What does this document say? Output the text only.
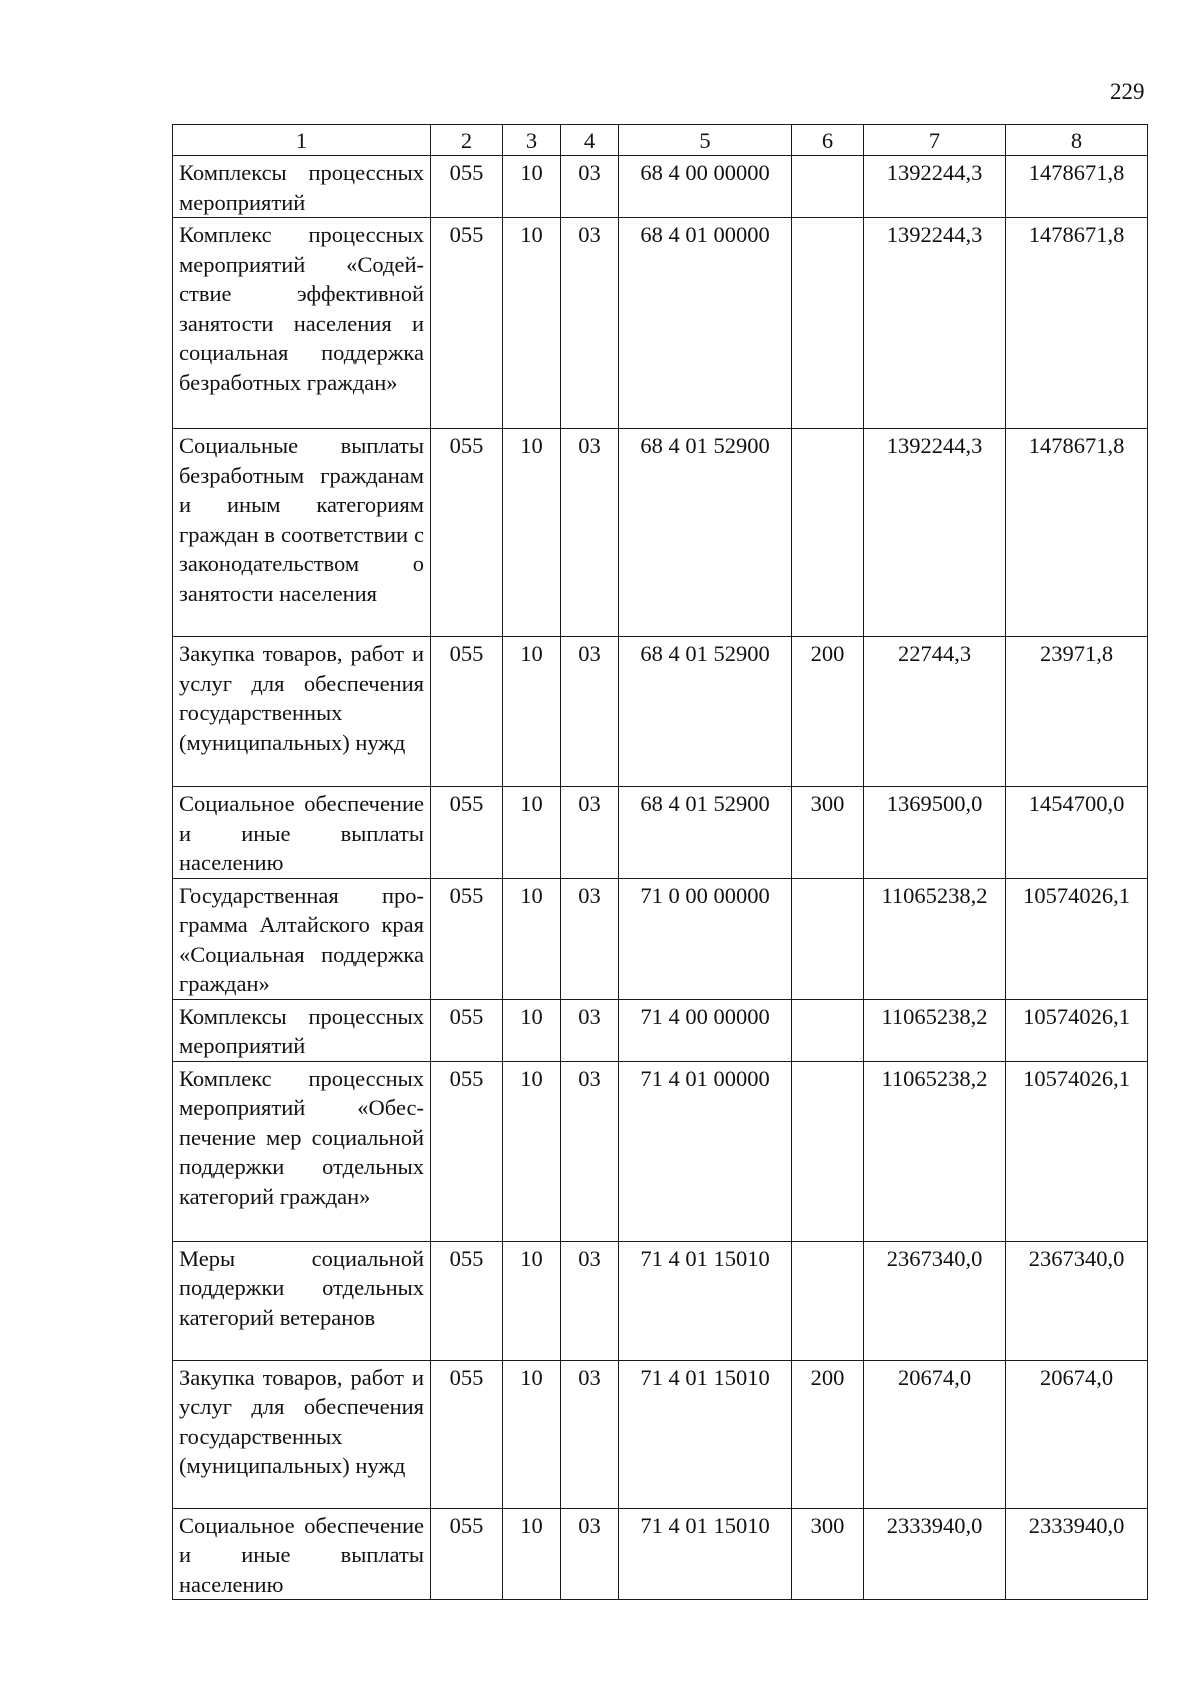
229
1	2	3	4	5	6	7	8
Комплексы процессных мероприятий	055	10	03	68 4 00 00000		1392244,3	1478671,8
Комплекс процессных мероприятий «Содействие эффективной занятости населения и социальная поддержка безработных граждан»	055	10	03	68 4 01 00000		1392244,3	1478671,8
Социальные выплаты безработным гражданам и иным категориям граждан в соответствии с законодательством о занятости населения	055	10	03	68 4 01 52900		1392244,3	1478671,8
Закупка товаров, работ и услуг для обеспечения государственных (муниципальных) нужд	055	10	03	68 4 01 52900	200	22744,3	23971,8
Социальное обеспечение и иные выплаты населению	055	10	03	68 4 01 52900	300	1369500,0	1454700,0
Государственная программа Алтайского края «Социальная поддержка граждан»	055	10	03	71 0 00 00000		11065238,2	10574026,1
Комплексы процессных мероприятий	055	10	03	71 4 00 00000		11065238,2	10574026,1
Комплекс процессных мероприятий «Обеспечение мер социальной поддержки отдельных категорий граждан»	055	10	03	71 4 01 00000		11065238,2	10574026,1
Меры социальной поддержки отдельных категорий ветеранов	055	10	03	71 4 01 15010		2367340,0	2367340,0
Закупка товаров, работ и услуг для обеспечения государственных (муниципальных) нужд	055	10	03	71 4 01 15010	200	20674,0	20674,0
Социальное обеспечение и иные выплаты населению	055	10	03	71 4 01 15010	300	2333940,0	2333940,0
